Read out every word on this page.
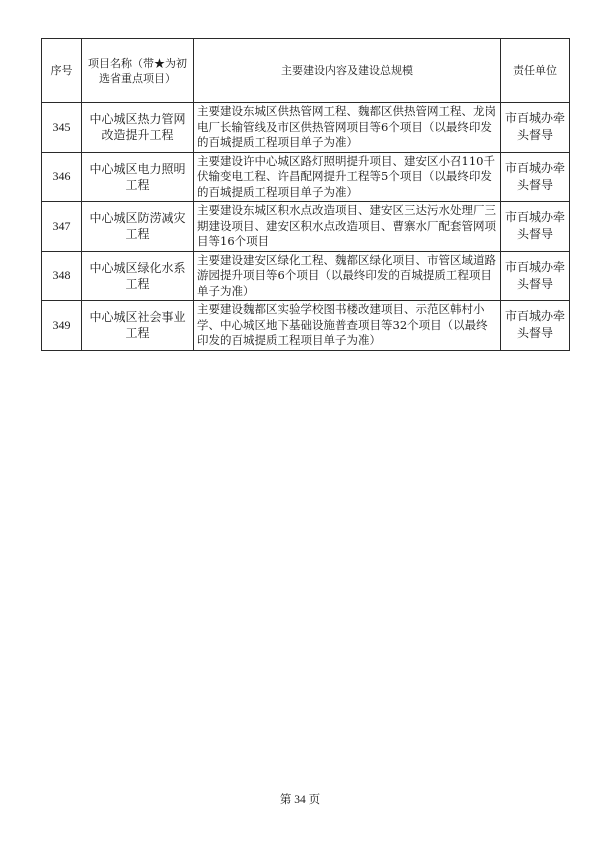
序号	项目名称（带★为初选省重点项目）	主要建设内容及建设总规模	责任单位
345	中心城区热力管网改造提升工程	主要建设东城区供热管网工程、魏都区供热管网工程、龙岗电厂长输管线及市区供热管网项目等6个项目（以最终印发的百城提质工程项目单子为准）	市百城办牵头督导
346	中心城区电力照明工程	主要建设许中心城区路灯照明提升项目、建安区小召110千伏输变电工程、许昌配网提升工程等5个项目（以最终印发的百城提质工程项目单子为准）	市百城办牵头督导
347	中心城区防涝减灾工程	主要建设东城区积水点改造项目、建安区三达污水处理厂三期建设项目、建安区积水点改造项目、曹寨水厂配套管网项目等16个项目	市百城办牵头督导
348	中心城区绿化水系工程	主要建设建安区绿化工程、魏都区绿化项目、市管区域道路游园提升项目等6个项目（以最终印发的百城提质工程项目单子为准）	市百城办牵头督导
349	中心城区社会事业工程	主要建设魏都区实验学校图书楼改建项目、示范区韩村小学、中心城区地下基础设施普查项目等32个项目（以最终印发的百城提质工程项目单子为准）	市百城办牵头督导
第 34 页
